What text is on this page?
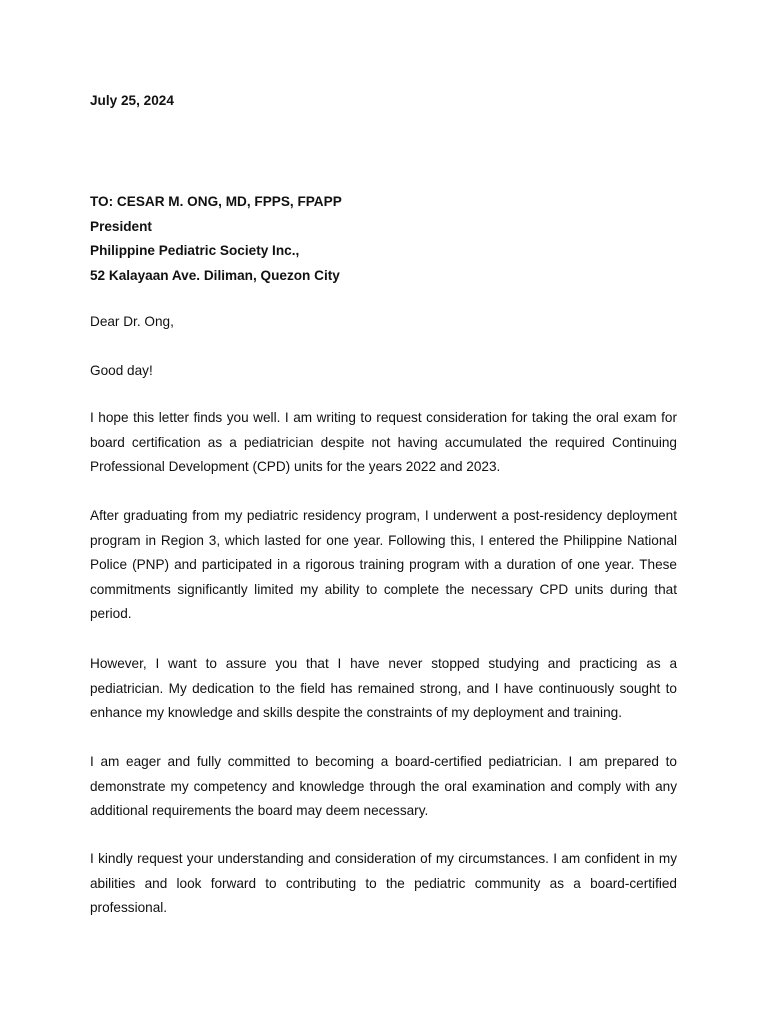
July 25, 2024
TO: CESAR M. ONG, MD, FPPS, FPAPP
President
Philippine Pediatric Society Inc.,
52 Kalayaan Ave. Diliman, Quezon City
Dear Dr. Ong,
Good day!

I hope this letter finds you well. I am writing to request consideration for taking the oral exam for board certification as a pediatrician despite not having accumulated the required Continuing Professional Development (CPD) units for the years 2022 and 2023.

After graduating from my pediatric residency program, I underwent a post-residency deployment program in Region 3, which lasted for one year. Following this, I entered the Philippine National Police (PNP) and participated in a rigorous training program with a duration of one year. These commitments significantly limited my ability to complete the necessary CPD units during that period.

However, I want to assure you that I have never stopped studying and practicing as a pediatrician. My dedication to the field has remained strong, and I have continuously sought to enhance my knowledge and skills despite the constraints of my deployment and training.

I am eager and fully committed to becoming a board-certified pediatrician. I am prepared to demonstrate my competency and knowledge through the oral examination and comply with any additional requirements the board may deem necessary.

I kindly request your understanding and consideration of my circumstances. I am confident in my abilities and look forward to contributing to the pediatric community as a board-certified professional.
